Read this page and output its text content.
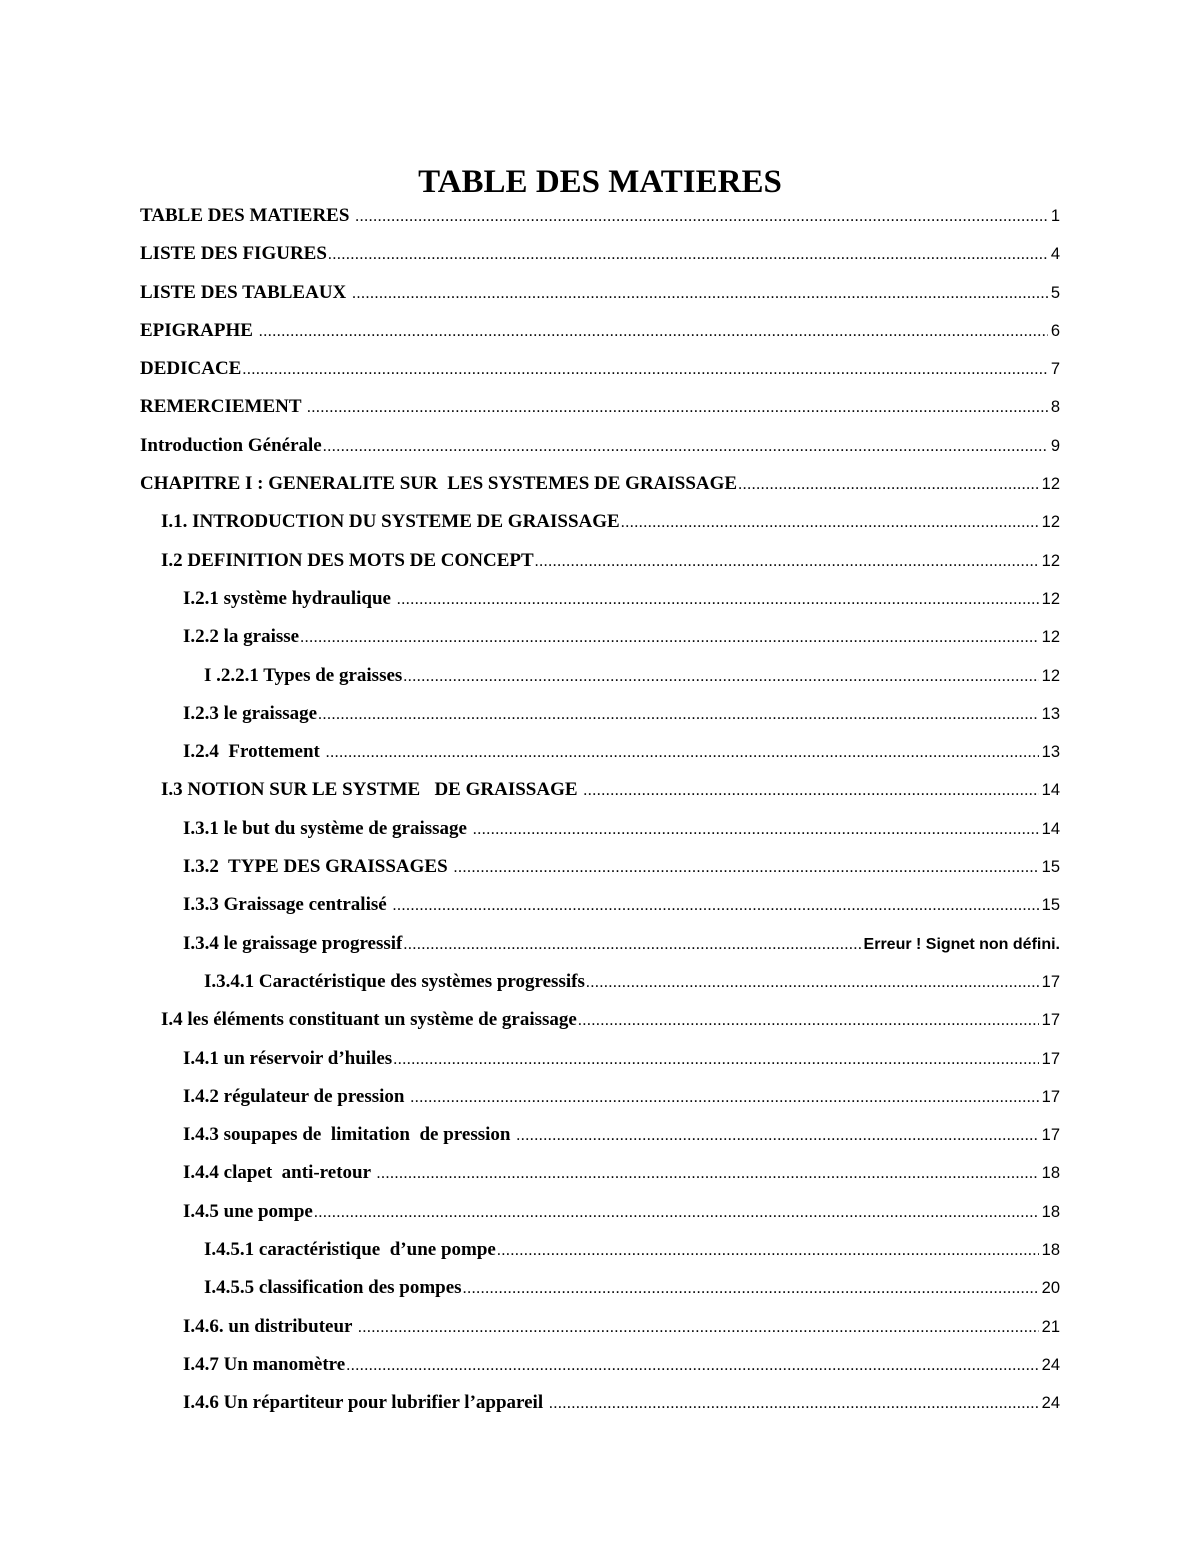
TABLE DES MATIERES
TABLE DES MATIERES .....	1
LISTE DES FIGURES .....	4
LISTE DES TABLEAUX .....	5
EPIGRAPHE .....	6
DEDICACE .....	7
REMERCIEMENT .....	8
Introduction Générale .....	9
CHAPITRE I : GENERALITE SUR  LES SYSTEMES DE GRAISSAGE .....	12
I.1. INTRODUCTION DU SYSTEME DE GRAISSAGE .....	12
I.2 DEFINITION DES MOTS DE CONCEPT .....	12
I.2.1 système hydraulique .....	12
I.2.2 la graisse .....	12
I .2.2.1 Types de graisses .....	12
I.2.3 le graissage .....	13
I.2.4  Frottement .....	13
I.3 NOTION SUR LE SYSTME   DE GRAISSAGE .....	14
I.3.1 le but du système de graissage .....	14
I.3.2  TYPE DES GRAISSAGES .....	15
I.3.3 Graissage centralisé .....	15
I.3.4 le graissage progressif .....	Erreur ! Signet non défini.
I.3.4.1 Caractéristique des systèmes progressifs .....	17
I.4 les éléments constituant un système de graissage .....	17
I.4.1 un réservoir d’huiles .....	17
I.4.2 régulateur de pression .....	17
I.4.3 soupapes de  limitation  de pression .....	17
I.4.4 clapet  anti-retour .....	18
I.4.5 une pompe .....	18
I.4.5.1 caractéristique  d’une pompe .....	18
I.4.5.5 classification des pompes .....	20
I.4.6. un distributeur .....	21
I.4.7 Un manomètre .....	24
I.4.6 Un répartiteur pour lubrifier l’appareil .....	24
